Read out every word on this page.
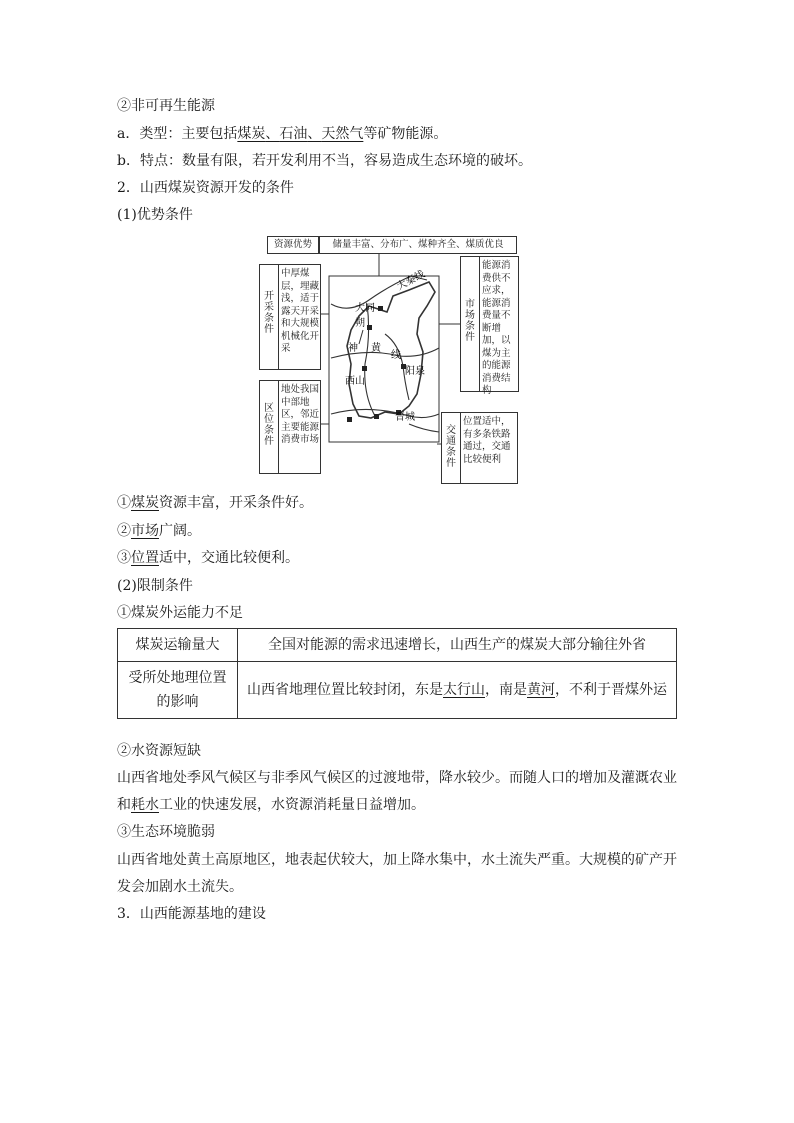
②非可再生能源
a．类型：主要包括煤炭、石油、天然气等矿物能源。
b．特点：数量有限，若开发利用不当，容易造成生态环境的破坏。
2．山西煤炭资源开发的条件
(1)优势条件
资源优势	储量丰富、分布广、煤种齐全、煤质优良
开采条件
中厚煤层，埋藏浅，适于露天开采和大规模机械化开采
区位条件
地处我国中部地区，邻近主要能源消费市场
市场条件
能源消费供不应求，能源消费量不断增加，以煤为主的能源消费结构
交通条件
位置适中，有多条铁路通过，交通比较便利
大秦线
大同
朔
神 黄
线
西山
阳泉
晋城
①煤炭资源丰富，开采条件好。
②市场广阔。
③位置适中，交通比较便利。
(2)限制条件
①煤炭外运能力不足
煤炭运输量大	全国对能源的需求迅速增长，山西生产的煤炭大部分输往外省
受所处地理位置的影响	山西省地理位置比较封闭，东是太行山，南是黄河，不利于晋煤外运
②水资源短缺
山西省地处季风气候区与非季风气候区的过渡地带，降水较少。而随人口的增加及灌溉农业
和耗水工业的快速发展，水资源消耗量日益增加。
③生态环境脆弱
山西省地处黄土高原地区，地表起伏较大，加上降水集中，水土流失严重。大规模的矿产开
发会加剧水土流失。
3．山西能源基地的建设
